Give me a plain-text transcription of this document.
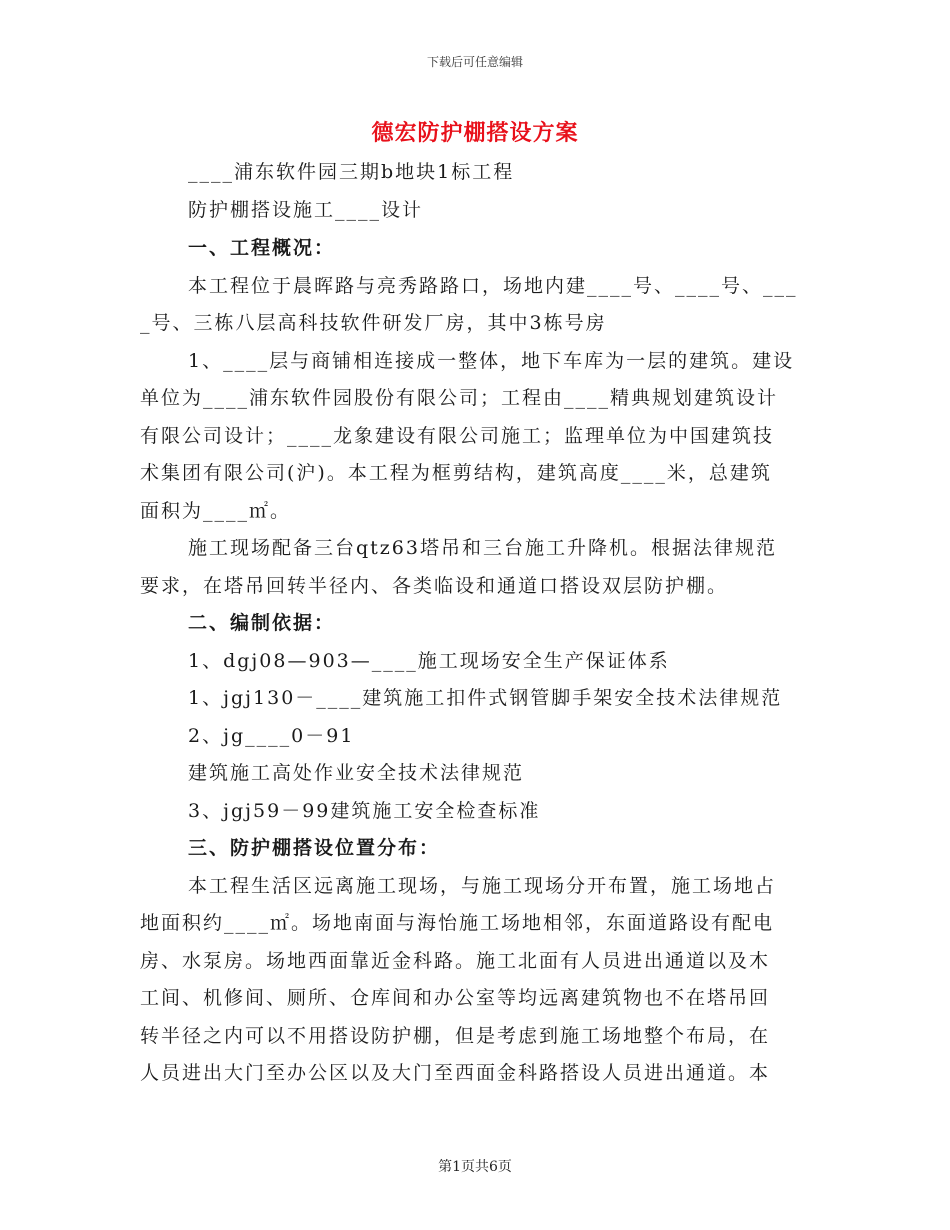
下载后可任意编辑
德宏防护棚搭设方案
____浦东软件园三期b地块1标工程
防护棚搭设施工____设计
一、工程概况：
本工程位于晨晖路与亮秀路路口，场地内建____号、____号、___
_号、三栋八层高科技软件研发厂房，其中3栋号房
1、____层与商铺相连接成一整体，地下车库为一层的建筑。建设
单位为____浦东软件园股份有限公司；工程由____精典规划建筑设计
有限公司设计；____龙象建设有限公司施工；监理单位为中国建筑技
术集团有限公司(沪)。本工程为框剪结构，建筑高度____米，总建筑
面积为____㎡。
施工现场配备三台qtz63塔吊和三台施工升降机。根据法律规范
要求，在塔吊回转半径内、各类临设和通道口搭设双层防护棚。
二、编制依据：
1、dgj08—903—____施工现场安全生产保证体系
1、jgj130－____建筑施工扣件式钢管脚手架安全技术法律规范
2、jg____0－91
建筑施工高处作业安全技术法律规范
3、jgj59－99建筑施工安全检查标准
三、防护棚搭设位置分布：
本工程生活区远离施工现场，与施工现场分开布置，施工场地占
地面积约____㎡。场地南面与海怡施工场地相邻，东面道路设有配电
房、水泵房。场地西面靠近金科路。施工北面有人员进出通道以及木
工间、机修间、厕所、仓库间和办公室等均远离建筑物也不在塔吊回
转半径之内可以不用搭设防护棚，但是考虑到施工场地整个布局，在
人员进出大门至办公区以及大门至西面金科路搭设人员进出通道。本
第1页共6页
